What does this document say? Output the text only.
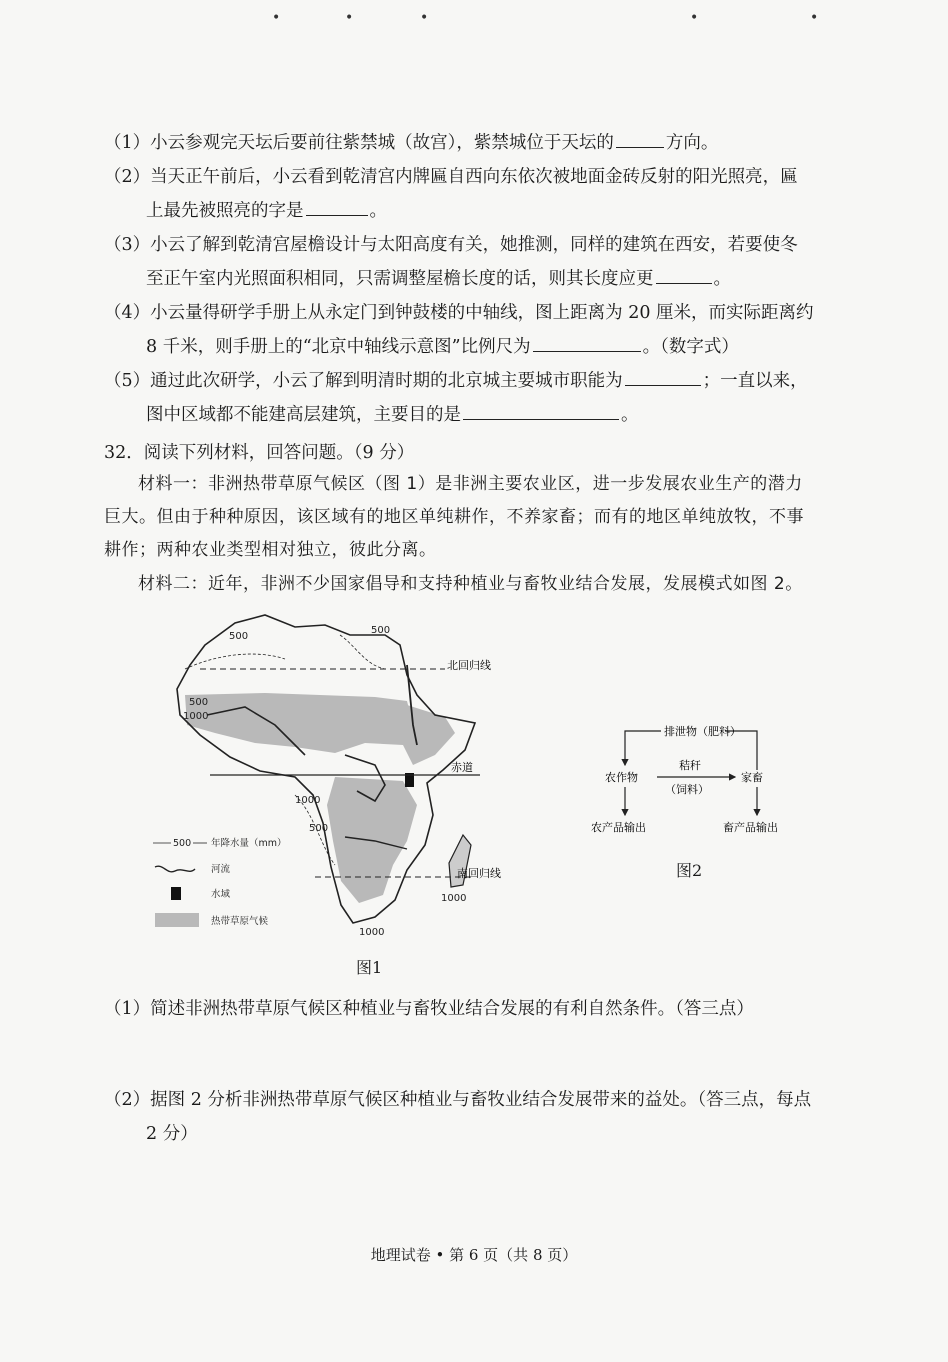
•	•	•	•	•
（1）小云参观完天坛后要前往紫禁城（故宫），紫禁城位于天坛的	方向。
（2）当天正午前后，小云看到乾清宫内牌匾自西向东依次被地面金砖反射的阳光照亮，匾
上最先被照亮的字是	。
（3）小云了解到乾清宫屋檐设计与太阳高度有关，她推测，同样的建筑在西安，若要使冬
至正午室内光照面积相同，只需调整屋檐长度的话，则其长度应更	。
（4）小云量得研学手册上从永定门到钟鼓楼的中轴线，图上距离为 20 厘米，而实际距离约
8 千米，则手册上的“北京中轴线示意图”比例尺为	。（数字式）
（5）通过此次研学，小云了解到明清时期的北京城主要城市职能为	；一直以来，
图中区域都不能建高层建筑，主要目的是	。
32．阅读下列材料，回答问题。（9 分）
材料一：非洲热带草原气候区（图 1）是非洲主要农业区，进一步发展农业生产的潜力
巨大。但由于种种原因，该区域有的地区单纯耕作，不养家畜；而有的地区单纯放牧，不事
耕作；两种农业类型相对独立，彼此分离。
材料二：近年，非洲不少国家倡导和支持种植业与畜牧业结合发展，发展模式如图 2。
北回归线
赤道
南回归线
500
500
500
1000
1000
500
1000
1000
500 年降水量（mm）
河流
水域
热带草原气候
图1
排泄物（肥料）
农作物	家畜
秸秆
（饲料）
农产品输出	畜产品输出
图2
（1）简述非洲热带草原气候区种植业与畜牧业结合发展的有利自然条件。（答三点）
（2）据图 2 分析非洲热带草原气候区种植业与畜牧业结合发展带来的益处。（答三点，每点
2 分）
地理试卷 • 第 6 页（共 8 页）
